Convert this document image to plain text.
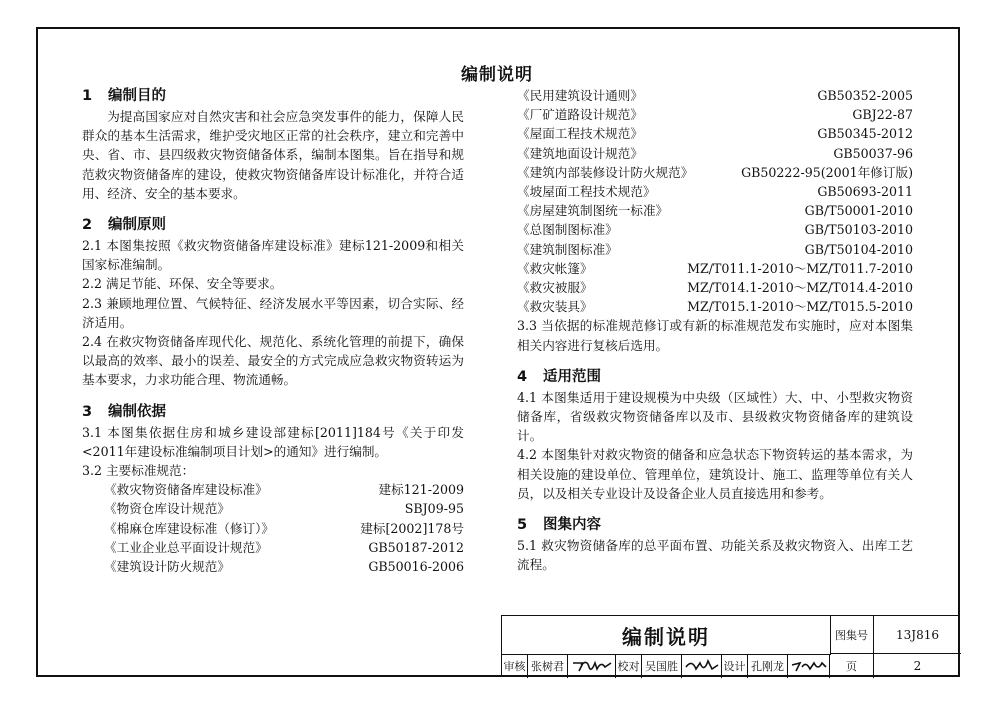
编制说明
1 编制目的
为提高国家应对自然灾害和社会应急突发事件的能力，保障人民群众的基本生活需求，维护受灾地区正常的社会秩序，建立和完善中央、省、市、县四级救灾物资储备体系，编制本图集。旨在指导和规范救灾物资储备库的建设，使救灾物资储备库设计标准化，并符合适用、经济、安全的基本要求。
2 编制原则
2.1 本图集按照《救灾物资储备库建设标准》建标121-2009和相关国家标准编制。
2.2 满足节能、环保、安全等要求。
2.3 兼顾地理位置、气候特征、经济发展水平等因素，切合实际、经济适用。
2.4 在救灾物资储备库现代化、规范化、系统化管理的前提下，确保以最高的效率、最小的误差、最安全的方式完成应急救灾物资转运为基本要求，力求功能合理、物流通畅。
3 编制依据
3.1 本图集依据住房和城乡建设部建标[2011]184号《关于印发<2011年建设标准编制项目计划>的通知》进行编制。
3.2 主要标准规范：
《救灾物资储备库建设标准》	建标121-2009
《物资仓库设计规范》	SBJ09-95
《棉麻仓库建设标准（修订）》	建标[2002]178号
《工业企业总平面设计规范》	GB50187-2012
《建筑设计防火规范》	GB50016-2006
《民用建筑设计通则》	GB50352-2005
《厂矿道路设计规范》	GBJ22-87
《屋面工程技术规范》	GB50345-2012
《建筑地面设计规范》	GB50037-96
《建筑内部装修设计防火规范》	GB50222-95(2001年修订版)
《坡屋面工程技术规范》	GB50693-2011
《房屋建筑制图统一标准》	GB/T50001-2010
《总图制图标准》	GB/T50103-2010
《建筑制图标准》	GB/T50104-2010
《救灾帐篷》	MZ/T011.1-2010～MZ/T011.7-2010
《救灾被服》	MZ/T014.1-2010～MZ/T014.4-2010
《救灾装具》	MZ/T015.1-2010～MZ/T015.5-2010
3.3 当依据的标准规范修订或有新的标准规范发布实施时，应对本图集相关内容进行复核后选用。
4 适用范围
4.1 本图集适用于建设规模为中央级（区域性）大、中、小型救灾物资储备库，省级救灾物资储备库以及市、县级救灾物资储备库的建筑设计。
4.2 本图集针对救灾物资的储备和应急状态下物资转运的基本需求，为相关设施的建设单位、管理单位，建筑设计、施工、监理等单位有关人员，以及相关专业设计及设备企业人员直接选用和参考。
5 图集内容
5.1 救灾物资储备库的总平面布置、功能关系及救灾物资入、出库工艺流程。
编制说明	图集号	13J816
审核 张树君	校对 吴国胜	设计 孔刚龙	页	2
